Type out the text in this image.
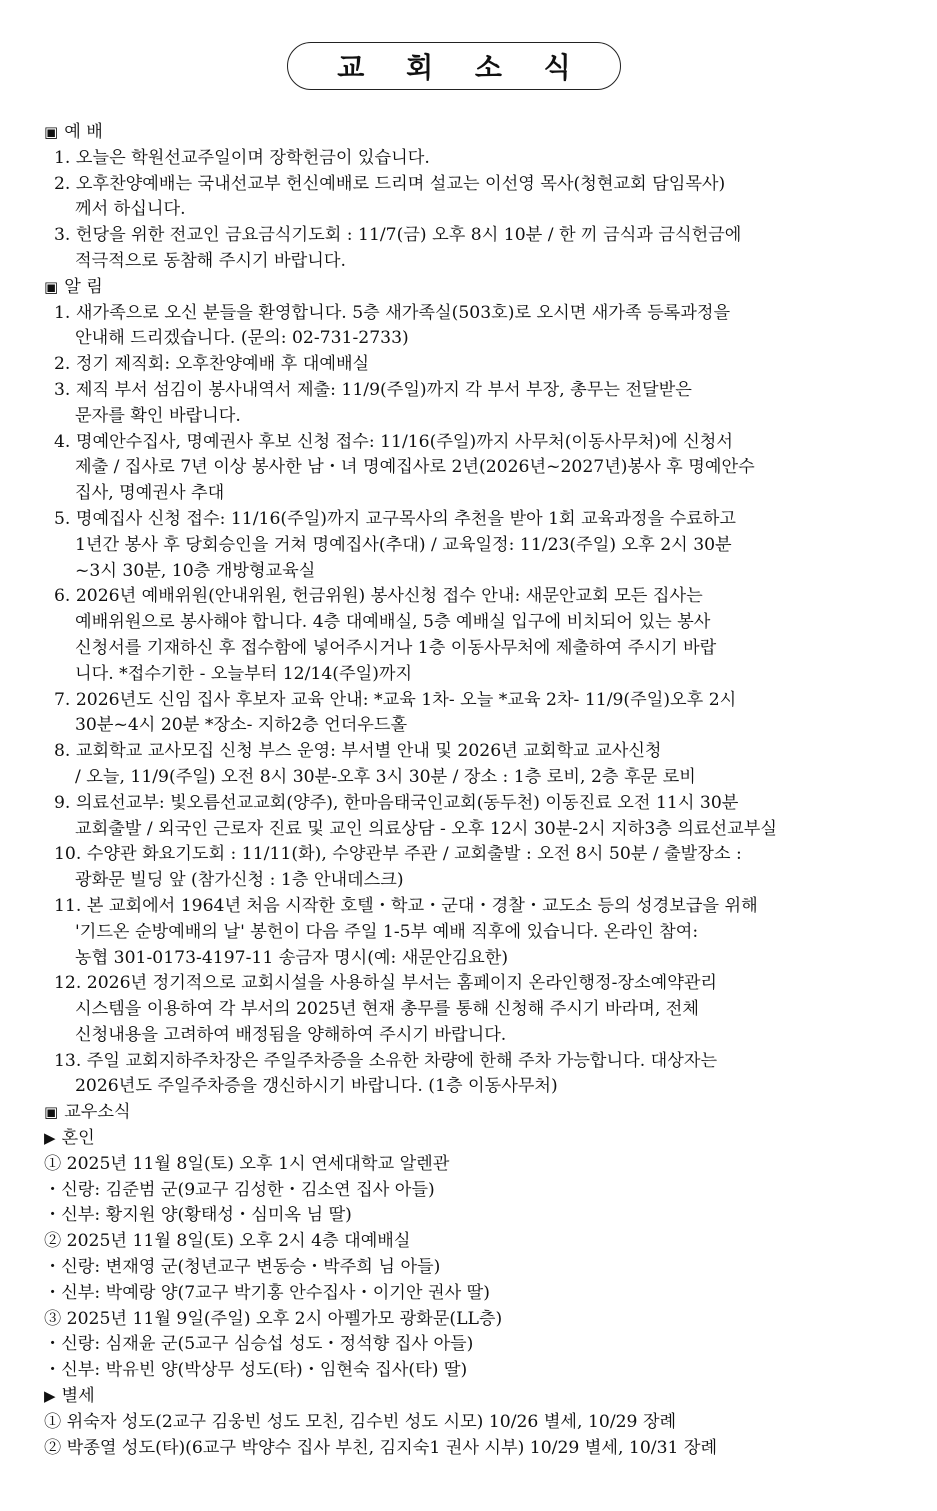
교 회 소 식
▣ 예 배
1. 오늘은 학원선교주일이며 장학헌금이 있습니다.
2. 오후찬양예배는 국내선교부 헌신예배로 드리며 설교는 이선영 목사(청현교회 담임목사)
께서 하십니다.
3. 헌당을 위한 전교인 금요금식기도회 : 11/7(금) 오후 8시 10분 / 한 끼 금식과 금식헌금에
적극적으로 동참해 주시기 바랍니다.
▣ 알 림
1. 새가족으로 오신 분들을 환영합니다. 5층 새가족실(503호)로 오시면 새가족 등록과정을
안내해 드리겠습니다. (문의: 02-731-2733)
2. 정기 제직회: 오후찬양예배 후 대예배실
3. 제직 부서 섬김이 봉사내역서 제출: 11/9(주일)까지 각 부서 부장, 총무는 전달받은
문자를 확인 바랍니다.
4. 명예안수집사, 명예권사 후보 신청 접수: 11/16(주일)까지 사무처(이동사무처)에 신청서
제출 / 집사로 7년 이상 봉사한 남・녀 명예집사로 2년(2026년~2027년)봉사 후 명예안수
집사, 명예권사 추대
5. 명예집사 신청 접수: 11/16(주일)까지 교구목사의 추천을 받아 1회 교육과정을 수료하고
1년간 봉사 후 당회승인을 거쳐 명예집사(추대) / 교육일정: 11/23(주일) 오후 2시 30분
~3시 30분, 10층 개방형교육실
6. 2026년 예배위원(안내위원, 헌금위원) 봉사신청 접수 안내: 새문안교회 모든 집사는
예배위원으로 봉사해야 합니다. 4층 대예배실, 5층 예배실 입구에 비치되어 있는 봉사
신청서를 기재하신 후 접수함에 넣어주시거나 1층 이동사무처에 제출하여 주시기 바랍
니다. *접수기한 - 오늘부터 12/14(주일)까지
7. 2026년도 신임 집사 후보자 교육 안내: *교육 1차- 오늘 *교육 2차- 11/9(주일)오후 2시
30분~4시 20분 *장소- 지하2층 언더우드홀
8. 교회학교 교사모집 신청 부스 운영: 부서별 안내 및 2026년 교회학교 교사신청
/ 오늘, 11/9(주일) 오전 8시 30분-오후 3시 30분 / 장소 : 1층 로비, 2층 후문 로비
9. 의료선교부: 빛오름선교교회(양주), 한마음태국인교회(동두천) 이동진료 오전 11시 30분
교회출발 / 외국인 근로자 진료 및 교인 의료상담 - 오후 12시 30분-2시 지하3층 의료선교부실
10. 수양관 화요기도회 : 11/11(화), 수양관부 주관 / 교회출발 : 오전 8시 50분 / 출발장소 :
광화문 빌딩 앞 (참가신청 : 1층 안내데스크)
11. 본 교회에서 1964년 처음 시작한 호텔・학교・군대・경찰・교도소 등의 성경보급을 위해
'기드온 순방예배의 날' 봉헌이 다음 주일 1-5부 예배 직후에 있습니다. 온라인 참여:
농협 301-0173-4197-11 송금자 명시(예: 새문안김요한)
12. 2026년 정기적으로 교회시설을 사용하실 부서는 홈페이지 온라인행정-장소예약관리
시스템을 이용하여 각 부서의 2025년 현재 총무를 통해 신청해 주시기 바라며, 전체
신청내용을 고려하여 배정됨을 양해하여 주시기 바랍니다.
13. 주일 교회지하주차장은 주일주차증을 소유한 차량에 한해 주차 가능합니다. 대상자는
2026년도 주일주차증을 갱신하시기 바랍니다. (1층 이동사무처)
▣ 교우소식
▶ 혼인
① 2025년 11월 8일(토) 오후 1시 연세대학교 알렌관
・신랑: 김준범 군(9교구 김성한・김소연 집사 아들)
・신부: 황지원 양(황태성・심미옥 님 딸)
② 2025년 11월 8일(토) 오후 2시 4층 대예배실
・신랑: 변재영 군(청년교구 변동승・박주희 님 아들)
・신부: 박예랑 양(7교구 박기홍 안수집사・이기안 권사 딸)
③ 2025년 11월 9일(주일) 오후 2시 아펠가모 광화문(LL층)
・신랑: 심재윤 군(5교구 심승섭 성도・정석향 집사 아들)
・신부: 박유빈 양(박상무 성도(타)・임현숙 집사(타) 딸)
▶ 별세
① 위숙자 성도(2교구 김웅빈 성도 모친, 김수빈 성도 시모) 10/26 별세, 10/29 장례
② 박종열 성도(타)(6교구 박양수 집사 부친, 김지숙1 권사 시부) 10/29 별세, 10/31 장례
